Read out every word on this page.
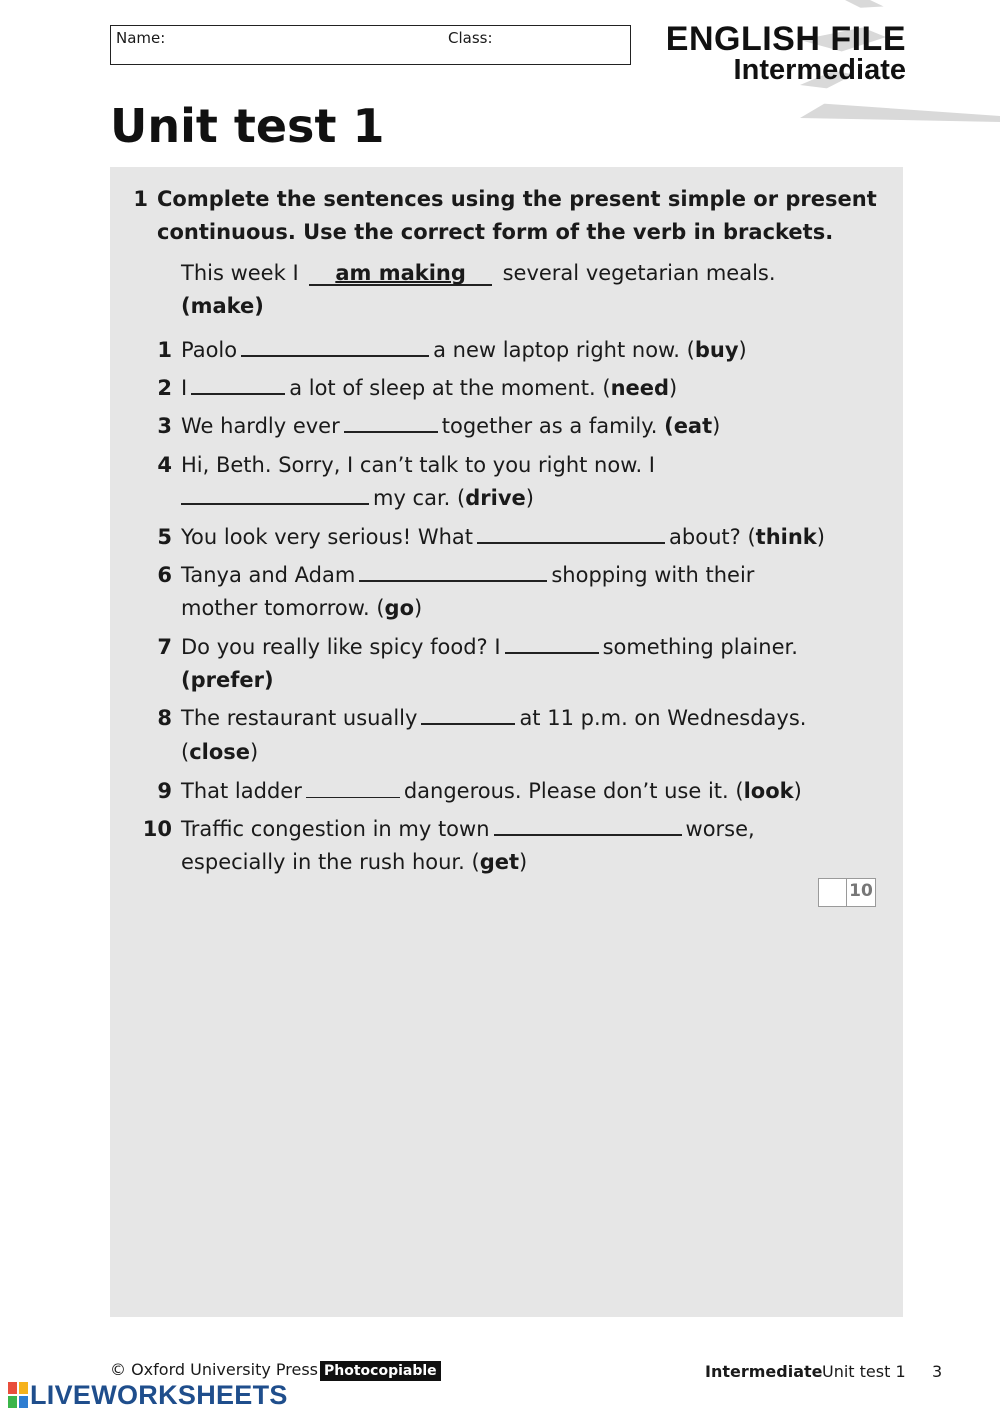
Name:	Class:	ENGLISH FILE
Intermediate
Unit test 1
1 Complete the sentences using the present simple or present
continuous. Use the correct form of the verb in brackets.
This week I am making several vegetarian meals.
(make)
1 Paolo	a new laptop right now. (buy)
2 I	a lot of sleep at the moment. (need)
3 We hardly ever	together as a family. (eat)
4 Hi, Beth. Sorry, I can’t talk to you right now. I
my car. (drive)
5 You look very serious! What	about? (think)
6 Tanya and Adam	shopping with their
mother tomorrow. (go)
7 Do you really like spicy food? I	something plainer.
(prefer)
8 The restaurant usually	at 11 p.m. on Wednesdays.
(close)
9 That ladder	dangerous. Please don’t use it. (look)
10 Traffic congestion in my town	worse,
especially in the rush hour. (get)
10
© Oxford University Press Photocopiable	Intermediate Unit test 1 3
LIVEWORKSHEETS
